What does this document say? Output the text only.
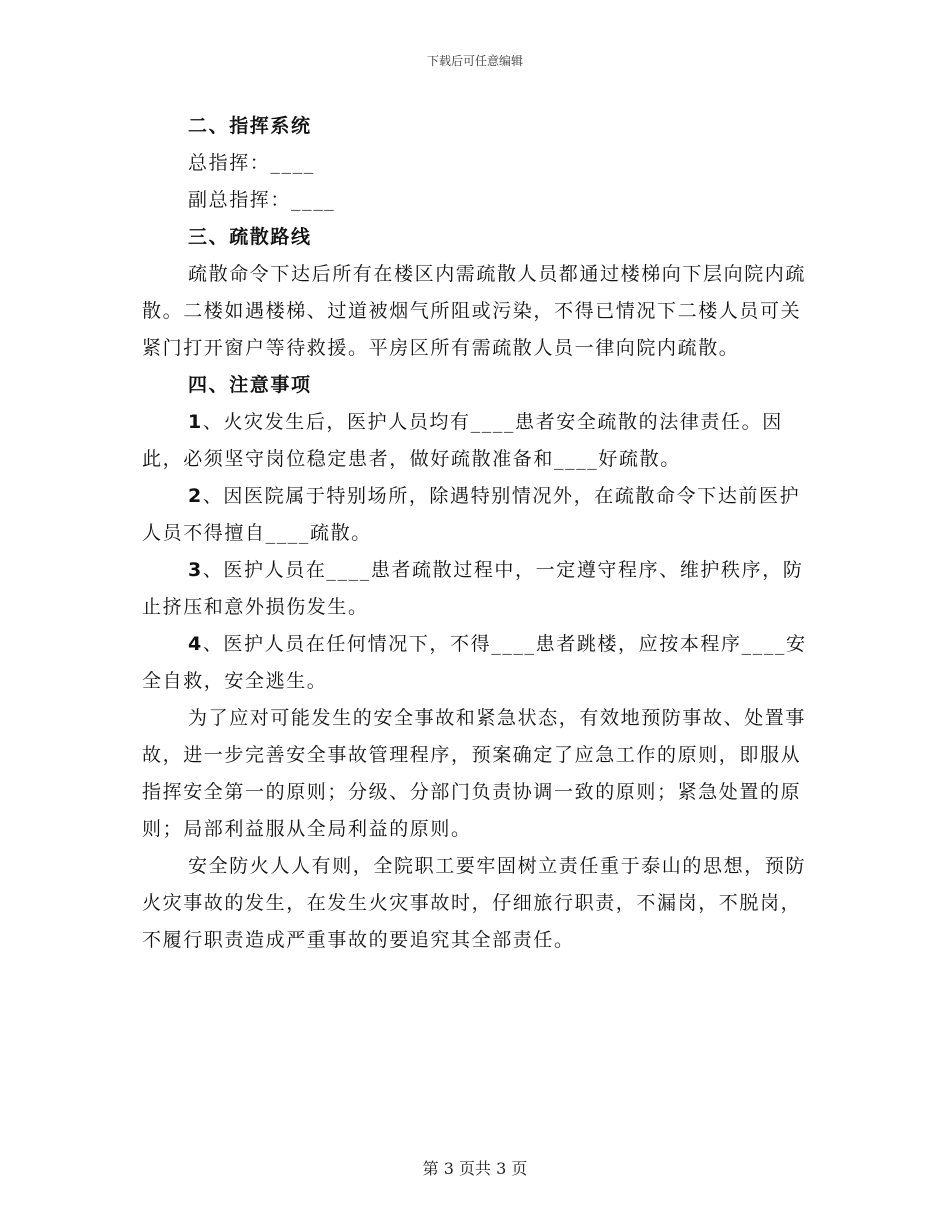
下载后可任意编辑

二、指挥系统

总指挥：____

副总指挥：____

三、疏散路线

疏散命令下达后所有在楼区内需疏散人员都通过楼梯向下层向院内疏散。二楼如遇楼梯、过道被烟气所阻或污染，不得已情况下二楼人员可关紧门打开窗户等待救援。平房区所有需疏散人员一律向院内疏散。

四、注意事项

1、火灾发生后，医护人员均有____患者安全疏散的法律责任。因此，必须坚守岗位稳定患者，做好疏散准备和____好疏散。

2、因医院属于特别场所，除遇特别情况外，在疏散命令下达前医护人员不得擅自____疏散。

3、医护人员在____患者疏散过程中，一定遵守程序、维护秩序，防止挤压和意外损伤发生。

4、医护人员在任何情况下，不得____患者跳楼，应按本程序____安全自救，安全逃生。

为了应对可能发生的安全事故和紧急状态，有效地预防事故、处置事故，进一步完善安全事故管理程序，预案确定了应急工作的原则，即服从指挥安全第一的原则；分级、分部门负责协调一致的原则；紧急处置的原则；局部利益服从全局利益的原则。

安全防火人人有则，全院职工要牢固树立责任重于泰山的思想，预防火灾事故的发生，在发生火灾事故时，仔细旅行职责，不漏岗，不脱岗，不履行职责造成严重事故的要追究其全部责任。

第 3 页共 3 页
